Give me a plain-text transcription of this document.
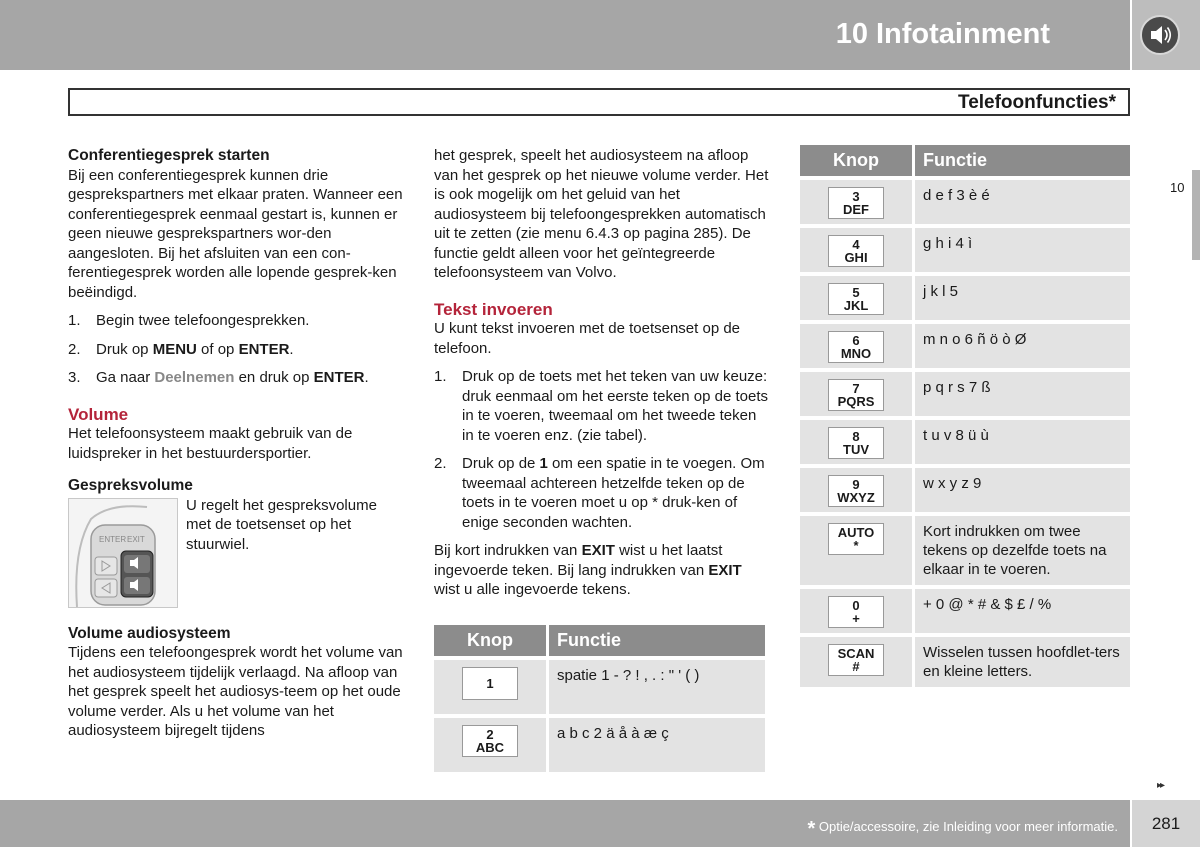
10 Infotainment
Telefoonfuncties*
10

Conferentiegesprek starten

Bij een conferentiegesprek kunnen drie gesprekspartners met elkaar praten. Wanneer een conferentiegesprek eenmaal gestart is, kunnen er geen nieuwe gesprekspartners wor-den aangesloten. Bij het afsluiten van een con-ferentiegesprek worden alle lopende gesprek-ken beëindigd.

1.	Begin twee telefoongesprekken.
2.	Druk op MENU of op ENTER.
3.	Ga naar Deelnemen en druk op ENTER.

Volume

Het telefoonsysteem maakt gebruik van de luidspreker in het bestuurdersportier.

Gespreksvolume

ENTER EXIT

U regelt het gespreksvolume met de toetsenset op het stuurwiel.

Volume audiosysteem

Tijdens een telefoongesprek wordt het volume van het audiosysteem tijdelijk verlaagd. Na afloop van het gesprek speelt het audiosys-teem op het oude volume verder. Als u het volume van het audiosysteem bijregelt tijdens

het gesprek, speelt het audiosysteem na afloop van het gesprek op het nieuwe volume verder. Het is ook mogelijk om het geluid van het audiosysteem bij telefoongesprekken automatisch uit te zetten (zie menu 6.4.3 op pagina 285). De functie geldt alleen voor het geïntegreerde telefoonsysteem van Volvo.

Tekst invoeren

U kunt tekst invoeren met de toetsenset op de telefoon.

1.	Druk op de toets met het teken van uw keuze: druk eenmaal om het eerste teken op de toets in te voeren, tweemaal om het tweede teken in te voeren enz. (zie tabel).
2.	Druk op de 1 om een spatie in te voegen. Om tweemaal achtereen hetzelfde teken op de toets in te voeren moet u op * druk-ken of enige seconden wachten.

Bij kort indrukken van EXIT wist u het laatst ingevoerde teken. Bij lang indrukken van EXIT wist u alle ingevoerde tekens.

Knop	Functie

1	spatie 1 - ? ! , . : " ' ( )

2
ABC	a b c 2 ä å à æ ç
Knop	Functie

3
DEF	d e f 3 è é

4
GHI	g h i 4 ì

5
JKL	j k l 5

6
MNO	m n o 6 ñ ö ò Ø

7
PQRS	p q r s 7 ß

8
TUV	t u v 8 ü ù

9
WXYZ	w x y z 9

AUTO
*	Kort indrukken om twee tekens op dezelfde toets na elkaar in te voeren.

0
+	+ 0 @ * # & $ £ / %

SCAN
#	Wisselen tussen hoofdlet-ters en kleine letters.
▸▸
* Optie/accessoire, zie Inleiding voor meer informatie.	281
